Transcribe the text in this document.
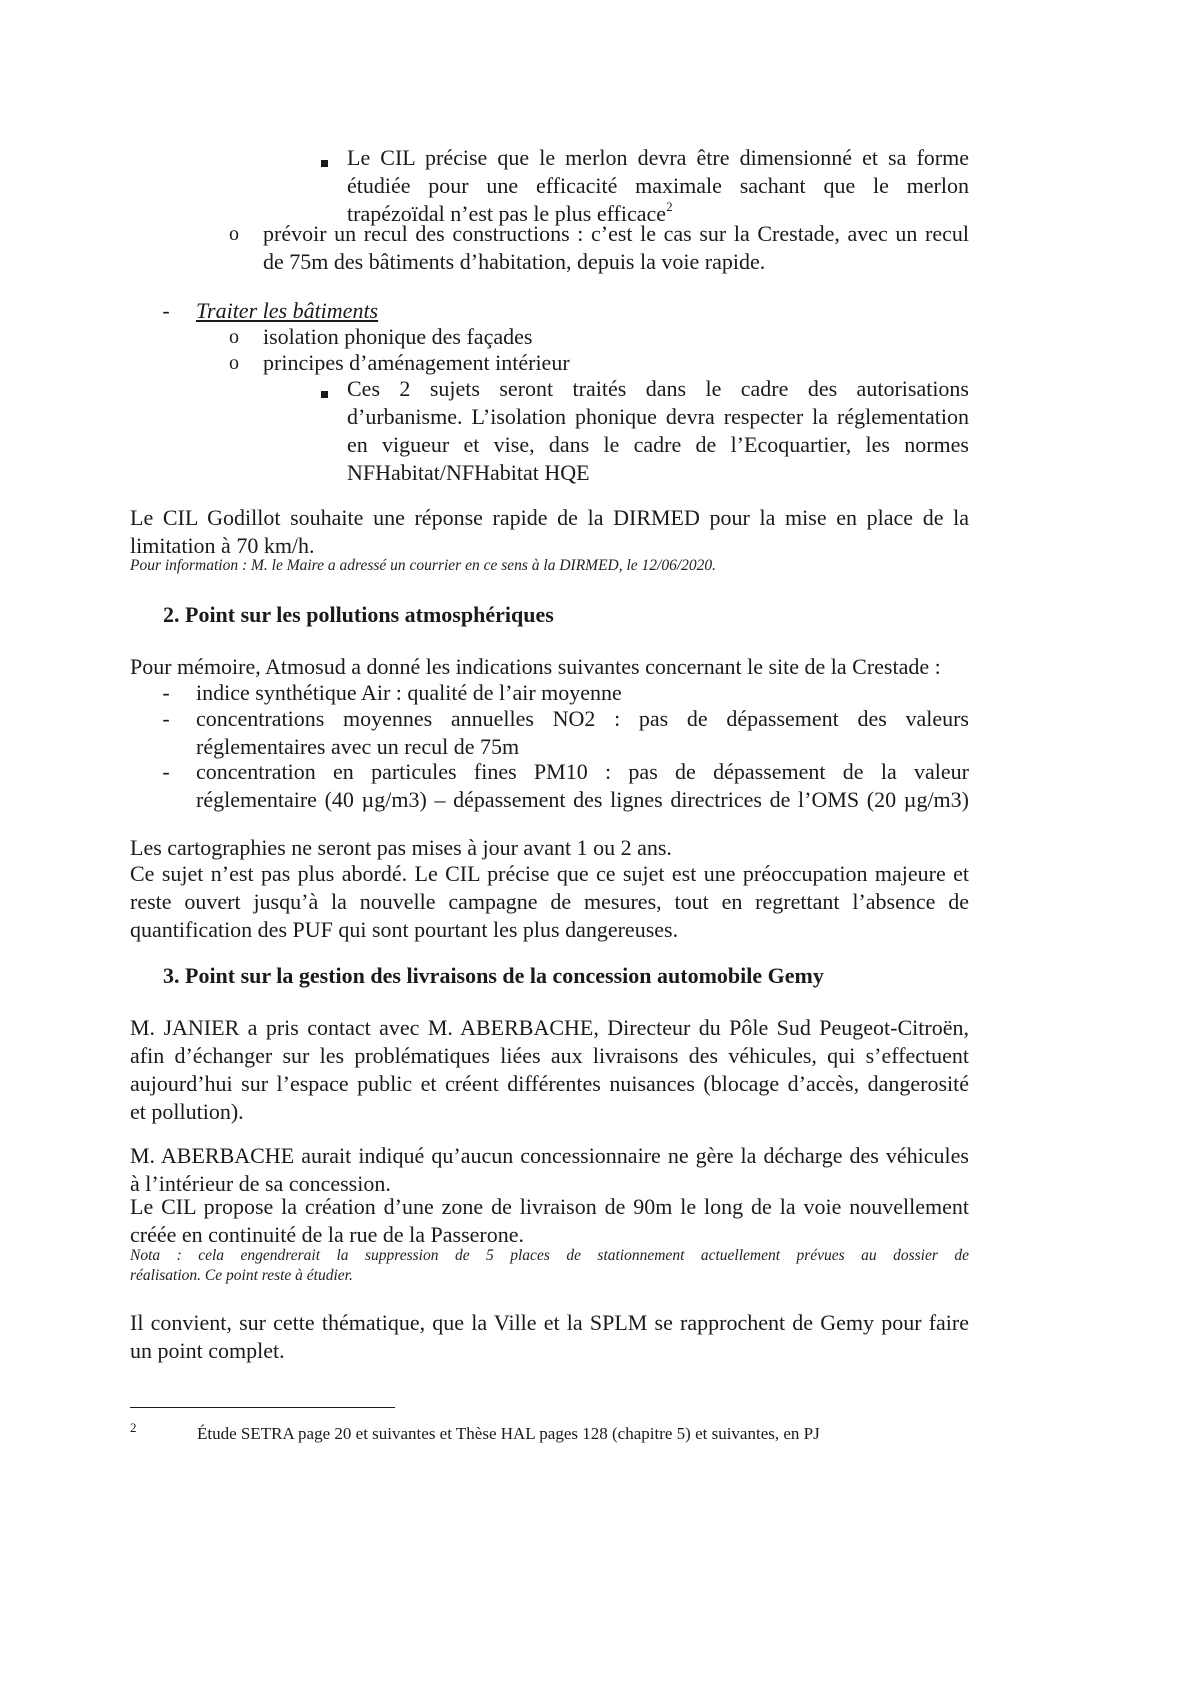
Le CIL précise que le merlon devra être dimensionné et sa forme
étudiée pour une efficacité maximale sachant que le merlon
trapézoïdal n’est pas le plus efficace$^2$
o	prévoir un recul des constructions : c’est le cas sur la Crestade, avec un recul
de 75m des bâtiments d’habitation, depuis la voie rapide.
-	Traiter les bâtiments
o	isolation phonique des façades
o	principes d’aménagement intérieur
Ces 2 sujets seront traités dans le cadre des autorisations
d’urbanisme. L’isolation phonique devra respecter la réglementation
en vigueur et vise, dans le cadre de l’Ecoquartier, les normes
NFHabitat/NFHabitat HQE
Le CIL Godillot souhaite une réponse rapide de la DIRMED pour la mise en place de la
limitation à 70 km/h.
Pour information : M. le Maire a adressé un courrier en ce sens à la DIRMED, le 12/06/2020.
2. Point sur les pollutions atmosphériques
Pour mémoire, Atmosud a donné les indications suivantes concernant le site de la Crestade :
-	indice synthétique Air : qualité de l’air moyenne
-	concentrations moyennes annuelles NO2 : pas de dépassement des valeurs
réglementaires avec un recul de 75m
-	concentration en particules fines PM10 : pas de dépassement de la valeur
réglementaire (40 µg/m3) – dépassement des lignes directrices de l’OMS (20 µg/m3)
Les cartographies ne seront pas mises à jour avant 1 ou 2 ans.
Ce sujet n’est pas plus abordé. Le CIL précise que ce sujet est une préoccupation majeure et
reste ouvert jusqu’à la nouvelle campagne de mesures, tout en regrettant l’absence de
quantification des PUF qui sont pourtant les plus dangereuses.
3. Point sur la gestion des livraisons de la concession automobile Gemy
M. JANIER a pris contact avec M. ABERBACHE, Directeur du Pôle Sud Peugeot-Citroën,
afin d’échanger sur les problématiques liées aux livraisons des véhicules, qui s’effectuent
aujourd’hui sur l’espace public et créent différentes nuisances (blocage d’accès, dangerosité
et pollution).
M. ABERBACHE aurait indiqué qu’aucun concessionnaire ne gère la décharge des véhicules
à l’intérieur de sa concession.
Le CIL propose la création d’une zone de livraison de 90m le long de la voie nouvellement
créée en continuité de la rue de la Passerone.
Nota : cela engendrerait la suppression de 5 places de stationnement actuellement prévues au dossier de
réalisation. Ce point reste à étudier.
Il convient, sur cette thématique, que la Ville et la SPLM se rapprochent de Gemy pour faire
un point complet.
2	Étude SETRA page 20 et suivantes et Thèse HAL pages 128 (chapitre 5) et suivantes, en PJ
